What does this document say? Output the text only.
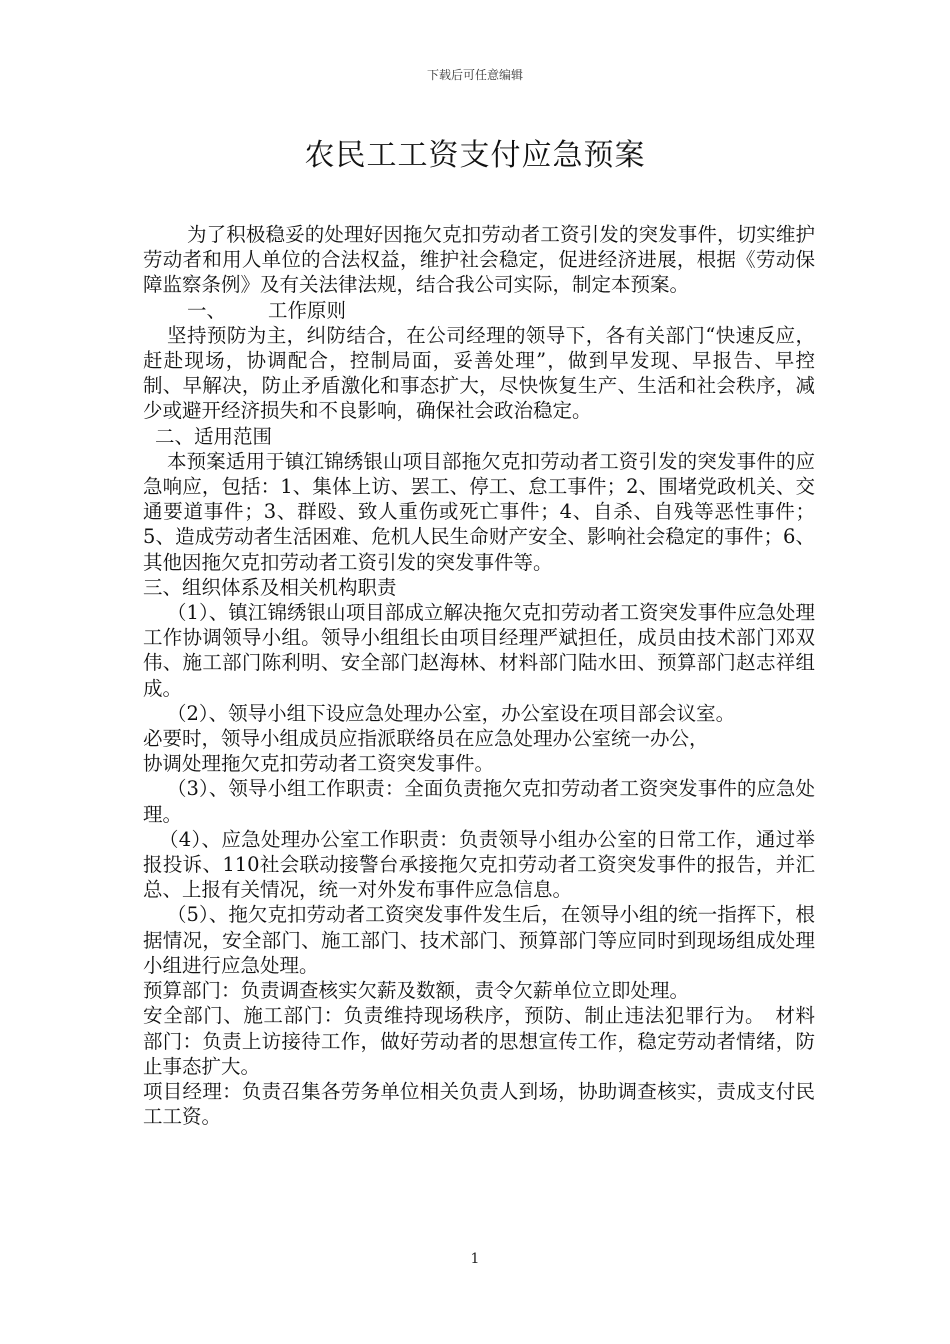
下载后可任意编辑
农民工工资支付应急预案

为了积极稳妥的处理好因拖欠克扣劳动者工资引发的突发事件，切实维护劳动者和用人单位的合法权益，维护社会稳定，促进经济进展，根据《劳动保障监察条例》及有关法律法规，结合我公司实际，制定本预案。

一、 工作原则

坚持预防为主，纠防结合，在公司经理的领导下，各有关部门“快速反应，赶赴现场，协调配合，控制局面，妥善处理”，做到早发现、早报告、早控制、早解决，防止矛盾激化和事态扩大，尽快恢复生产、生活和社会秩序，减少或避开经济损失和不良影响，确保社会政治稳定。

二、适用范围

本预案适用于镇江锦绣银山项目部拖欠克扣劳动者工资引发的突发事件的应急响应，包括：1、集体上访、罢工、停工、怠工事件；2、围堵党政机关、交通要道事件；3、群殴、致人重伤或死亡事件；4、自杀、自残等恶性事件；5、造成劳动者生活困难、危机人民生命财产安全、影响社会稳定的事件；6、其他因拖欠克扣劳动者工资引发的突发事件等。

三、组织体系及相关机构职责

（1）、镇江锦绣银山项目部成立解决拖欠克扣劳动者工资突发事件应急处理工作协调领导小组。领导小组组长由项目经理严斌担任，成员由技术部门邓双伟、施工部门陈利明、安全部门赵海林、材料部门陆水田、预算部门赵志祥组成。

（2）、领导小组下设应急处理办公室，办公室设在项目部会议室。

必要时，领导小组成员应指派联络员在应急处理办公室统一办公，

协调处理拖欠克扣劳动者工资突发事件。

（3）、领导小组工作职责：全面负责拖欠克扣劳动者工资突发事件的应急处理。

（4）、应急处理办公室工作职责：负责领导小组办公室的日常工作，通过举报投诉、110社会联动接警台承接拖欠克扣劳动者工资突发事件的报告，并汇总、上报有关情况，统一对外发布事件应急信息。

（5）、拖欠克扣劳动者工资突发事件发生后，在领导小组的统一指挥下，根据情况，安全部门、施工部门、技术部门、预算部门等应同时到现场组成处理小组进行应急处理。

预算部门：负责调查核实欠薪及数额，责令欠薪单位立即处理。

安全部门、施工部门：负责维持现场秩序，预防、制止违法犯罪行为。　材料部门：负责上访接待工作，做好劳动者的思想宣传工作，稳定劳动者情绪，防止事态扩大。

项目经理：负责召集各劳务单位相关负责人到场，协助调查核实，责成支付民工工资。

1
